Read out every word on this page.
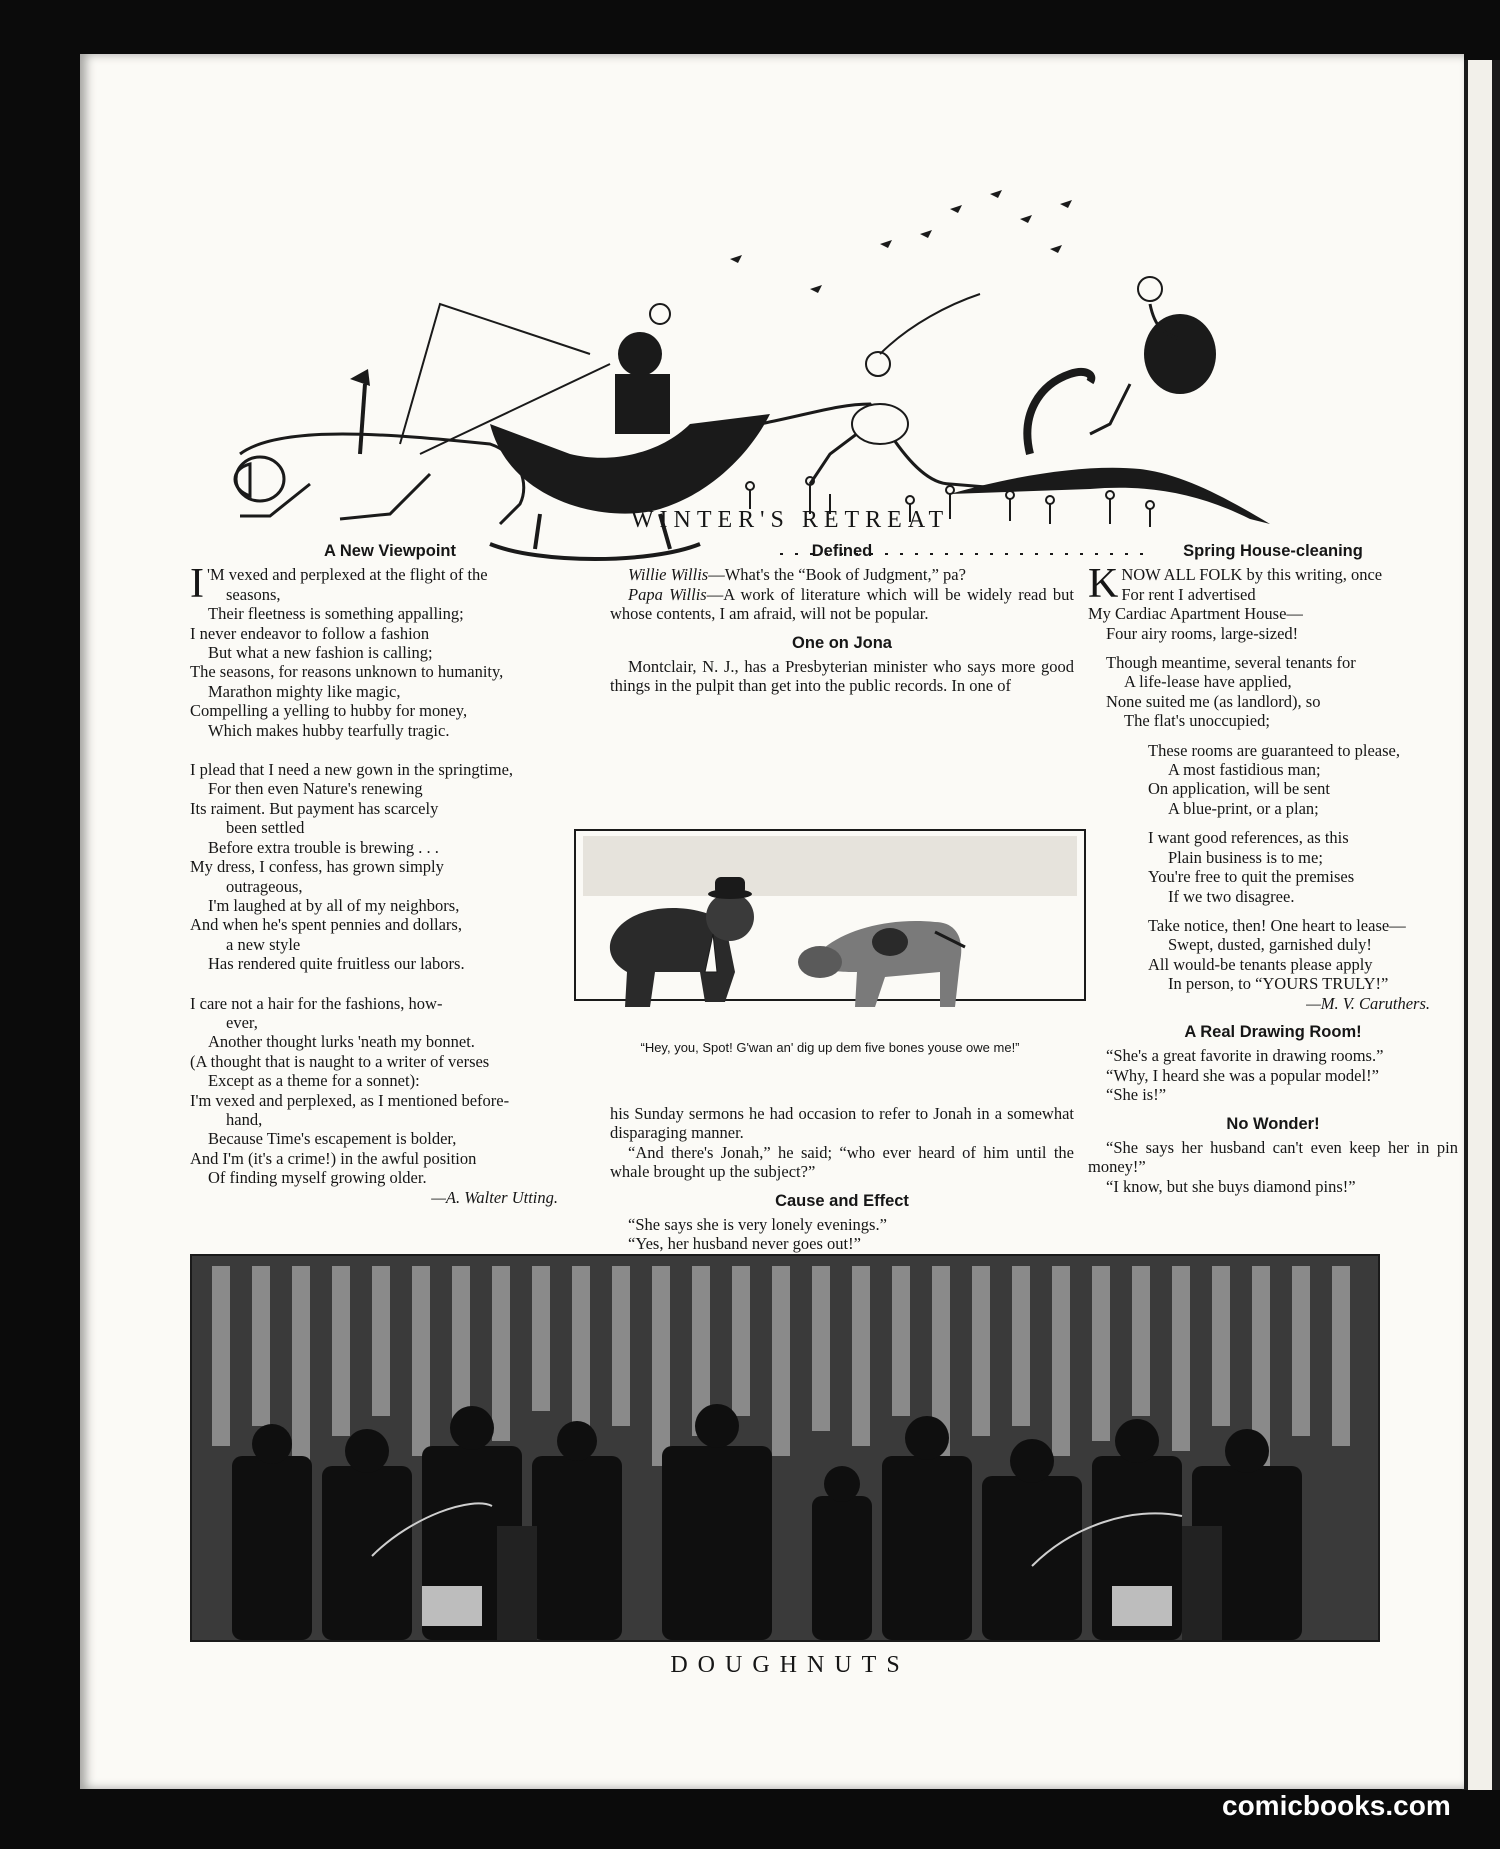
WINTER'S RETREAT
A New Viewpoint
I 'M vexed and perplexed at the flight of the

seasons,

Their fleetness is something appalling;

I never endeavor to follow a fashion

But what a new fashion is calling;

The seasons, for reasons unknown to humanity,

Marathon mighty like magic,

Compelling a yelling to hubby for money,

Which makes hubby tearfully tragic.

I plead that I need a new gown in the springtime,

For then even Nature's renewing

Its raiment. But payment has scarcely

been settled

Before extra trouble is brewing . . .

My dress, I confess, has grown simply

outrageous,

I'm laughed at by all of my neighbors,

And when he's spent pennies and dollars,

a new style

Has rendered quite fruitless our labors.

I care not a hair for the fashions, how-

ever,

Another thought lurks 'neath my bonnet.

(A thought that is naught to a writer of verses

Except as a theme for a sonnet):

I'm vexed and perplexed, as I mentioned before-

hand,

Because Time's escapement is bolder,

And I'm (it's a crime!) in the awful position

Of finding myself growing older.

—A. Walter Utting.

Defined

Willie Willis—What's the “Book of Judgment,” pa?

Papa Willis—A work of literature which will be widely read but whose contents, I am afraid, will not be popular.

One on Jona

Montclair, N. J., has a Presbyterian minister who says more good things in the pulpit than get into the public records. In one of

“Hey, you, Spot! G'wan an' dig up dem five bones youse owe me!”

his Sunday sermons he had occasion to refer to Jonah in a somewhat disparaging manner.

“And there's Jonah,” he said; “who ever heard of him until the whale brought up the subject?”

Cause and Effect

“She says she is very lonely evenings.”

“Yes, her husband never goes out!”

Spring House-cleaning
K NOW ALL FOLK by this writing, once

For rent I advertised

My Cardiac Apartment House—

Four airy rooms, large-sized!

Though meantime, several tenants for

A life-lease have applied,

None suited me (as landlord), so

The flat's unoccupied;

These rooms are guaranteed to please,

A most fastidious man;

On application, will be sent

A blue-print, or a plan;

I want good references, as this

Plain business is to me;

You're free to quit the premises

If we two disagree.

Take notice, then! One heart to lease—

Swept, dusted, garnished duly!

All would-be tenants please apply

In person, to “YOURS TRULY!”

—M. V. Caruthers.

A Real Drawing Room!

“She's a great favorite in drawing rooms.”

“Why, I heard she was a popular model!”

“She is!”

No Wonder!

“She says her husband can't even keep her in pin money!”

“I know, but she buys diamond pins!”

DOUGHNUTS
comicbooks.com
